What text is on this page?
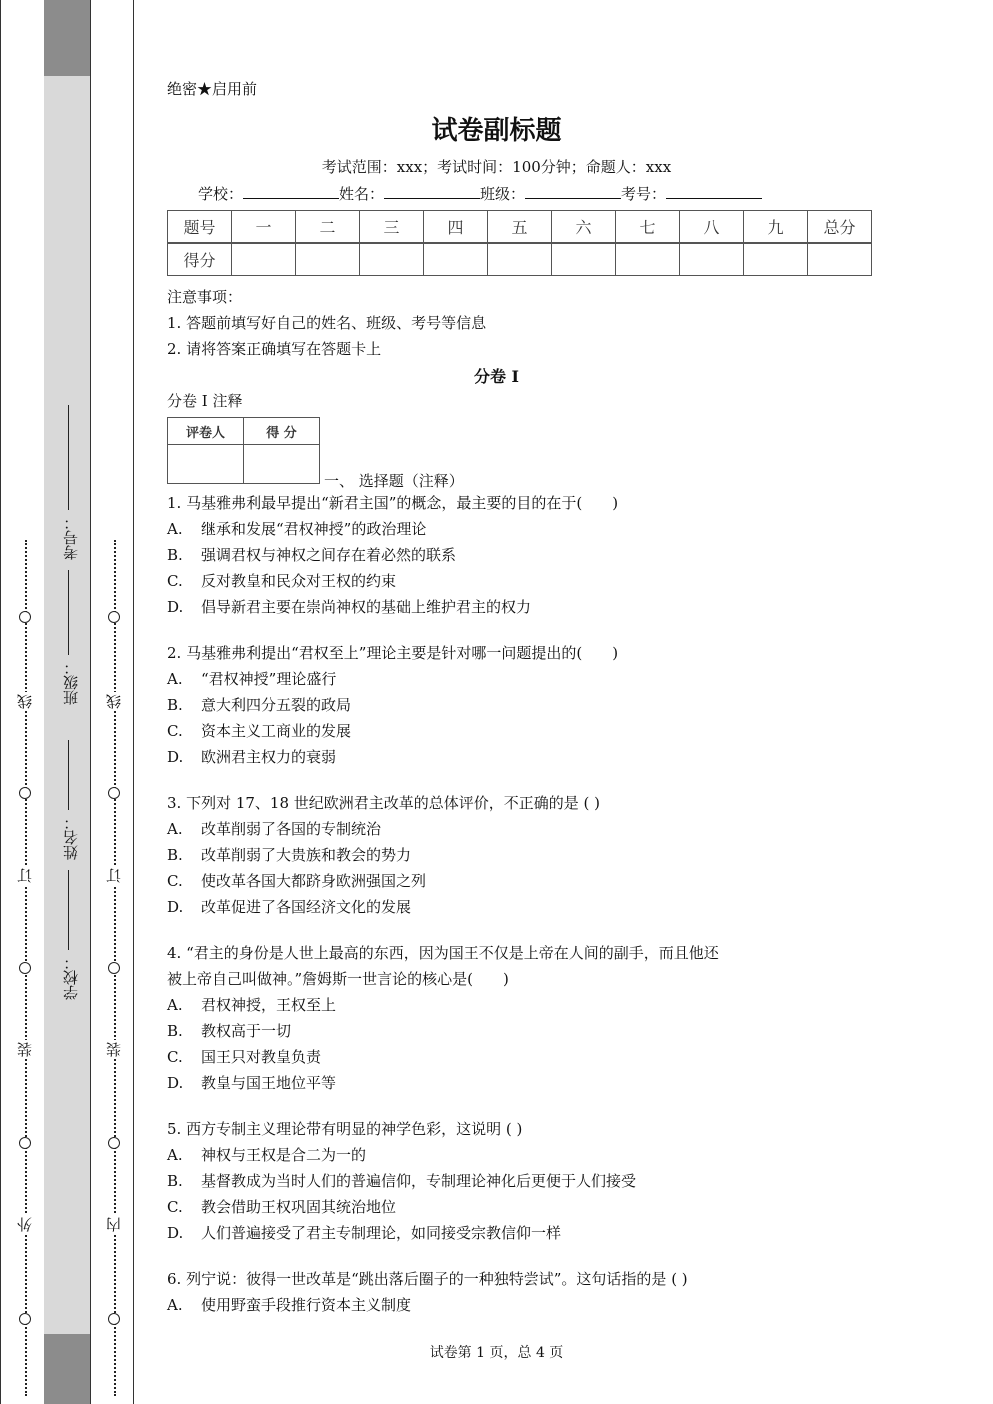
外
装
订
线
内
装
订
线
学校：
姓名：
班级：
考号：
绝密★启用前
试卷副标题
考试范围：xxx；考试时间：100分钟；命题人：xxx
学校：	姓名：	班级：	考号：
题号	一	二	三	四	五	六	七	八	九	总分
得分										
注意事项：
1. 答题前填写好自己的姓名、班级、考号等信息
2. 请将答案正确填写在答题卡上
分卷 I
分卷 I 注释
评卷人	得 分

一、 选择题（注释）
1. 马基雅弗利最早提出“新君主国”的概念，最主要的目的在于(　　)
A. 继承和发展“君权神授”的政治理论
B. 强调君权与神权之间存在着必然的联系
C. 反对教皇和民众对王权的约束
D. 倡导新君主要在崇尚神权的基础上维护君主的权力
2. 马基雅弗利提出“君权至上”理论主要是针对哪一问题提出的(　　)
A. “君权神授”理论盛行
B. 意大利四分五裂的政局
C. 资本主义工商业的发展
D. 欧洲君主权力的衰弱
3. 下列对 17、18 世纪欧洲君主改革的总体评价，不正确的是 ( )
A. 改革削弱了各国的专制统治
B. 改革削弱了大贵族和教会的势力
C. 使改革各国大都跻身欧洲强国之列
D. 改革促进了各国经济文化的发展
4. “君主的身份是人世上最高的东西，因为国王不仅是上帝在人间的副手，而且他还
被上帝自己叫做神。”詹姆斯一世言论的核心是(　　)
A. 君权神授，王权至上
B. 教权高于一切
C. 国王只对教皇负责
D. 教皇与国王地位平等
5. 西方专制主义理论带有明显的神学色彩，这说明 ( )
A. 神权与王权是合二为一的
B. 基督教成为当时人们的普遍信仰，专制理论神化后更便于人们接受
C. 教会借助王权巩固其统治地位
D. 人们普遍接受了君主专制理论，如同接受宗教信仰一样
6. 列宁说：彼得一世改革是“跳出落后圈子的一种独特尝试”。这句话指的是 ( )
A. 使用野蛮手段推行资本主义制度
试卷第 1 页，总 4 页
